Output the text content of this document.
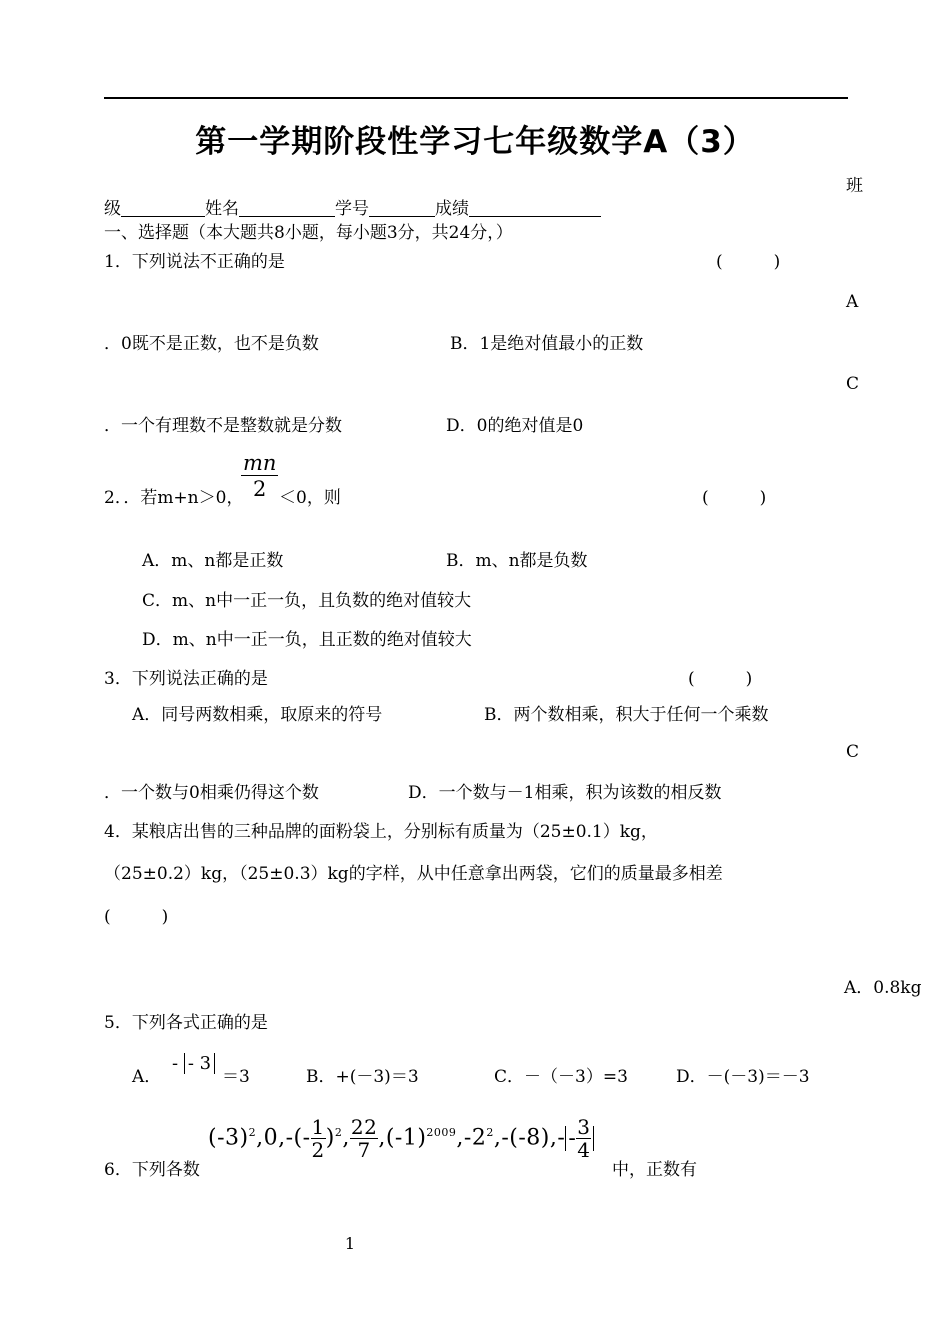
第一学期阶段性学习七年级数学A（3）
班
级	姓名	学号	成绩
一、选择题（本大题共8小题，每小题3分，共24分，）
1．下列说法不正确的是	(　　　)
A
．0既不是正数，也不是负数	B．1是绝对值最小的正数
C
．一个有理数不是整数就是分数	D．0的绝对值是0
2．．若m+n＞0，
$\frac{mn}{2} <0$，则	(　　　)
A．m、n都是正数	B．m、n都是负数
C．m、n中一正一负，且负数的绝对值较大
D．m、n中一正一负，且正数的绝对值较大
3．下列说法正确的是	(　　　)
A．同号两数相乘，取原来的符号	B．两个数相乘，积大于任何一个乘数
C
．一个数与0相乘仍得这个数	D．一个数与－1相乘，积为该数的相反数
4．某粮店出售的三种品牌的面粉袋上，分别标有质量为（25±0.1）kg，
（25±0.2）kg，（25±0.3）kg的字样，从中任意拿出两袋，它们的质量最多相差
(　　　)
A．0.8kg
5．下列各式正确的是
A．
- - 3
＝3	B．+(－3)＝3	C．－（－3）=3	D．－(－3)＝－3
6．下列各数
$(-3)^2,0,-(- \frac{1}{2} )^2$, $\frac{22}{7} ,(-1)^{2009},-2^2,-(-8),- - \frac{3}{4}$
中，正数有
1
